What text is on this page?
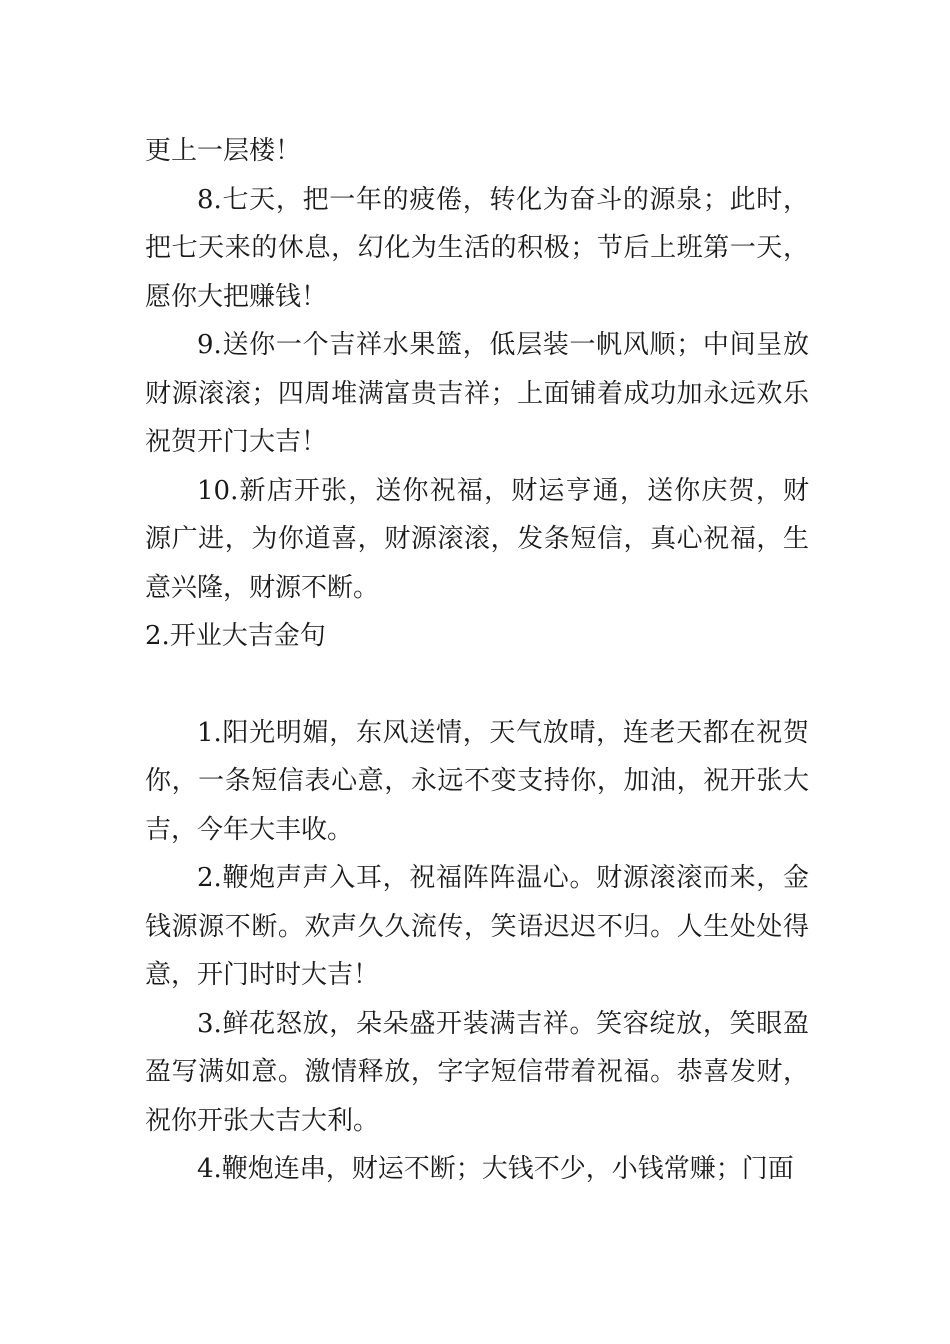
更上一层楼！

8.七天，把一年的疲倦，转化为奋斗的源泉；此时，把七天来的休息，幻化为生活的积极；节后上班第一天，愿你大把赚钱！

9.送你一个吉祥水果篮，低层装一帆风顺；中间呈放财源滚滚；四周堆满富贵吉祥；上面铺着成功加永远欢乐祝贺开门大吉！

10.新店开张，送你祝福，财运亨通，送你庆贺，财源广进，为你道喜，财源滚滚，发条短信，真心祝福，生意兴隆，财源不断。

2.开业大吉金句

1.阳光明媚，东风送情，天气放晴，连老天都在祝贺你，一条短信表心意，永远不变支持你，加油，祝开张大吉，今年大丰收。

2.鞭炮声声入耳，祝福阵阵温心。财源滚滚而来，金钱源源不断。欢声久久流传，笑语迟迟不归。人生处处得意，开门时时大吉！

3.鲜花怒放，朵朵盛开装满吉祥。笑容绽放，笑眼盈盈写满如意。激情释放，字字短信带着祝福。恭喜发财，祝你开张大吉大利。

4.鞭炮连串，财运不断；大钱不少，小钱常赚；门面
